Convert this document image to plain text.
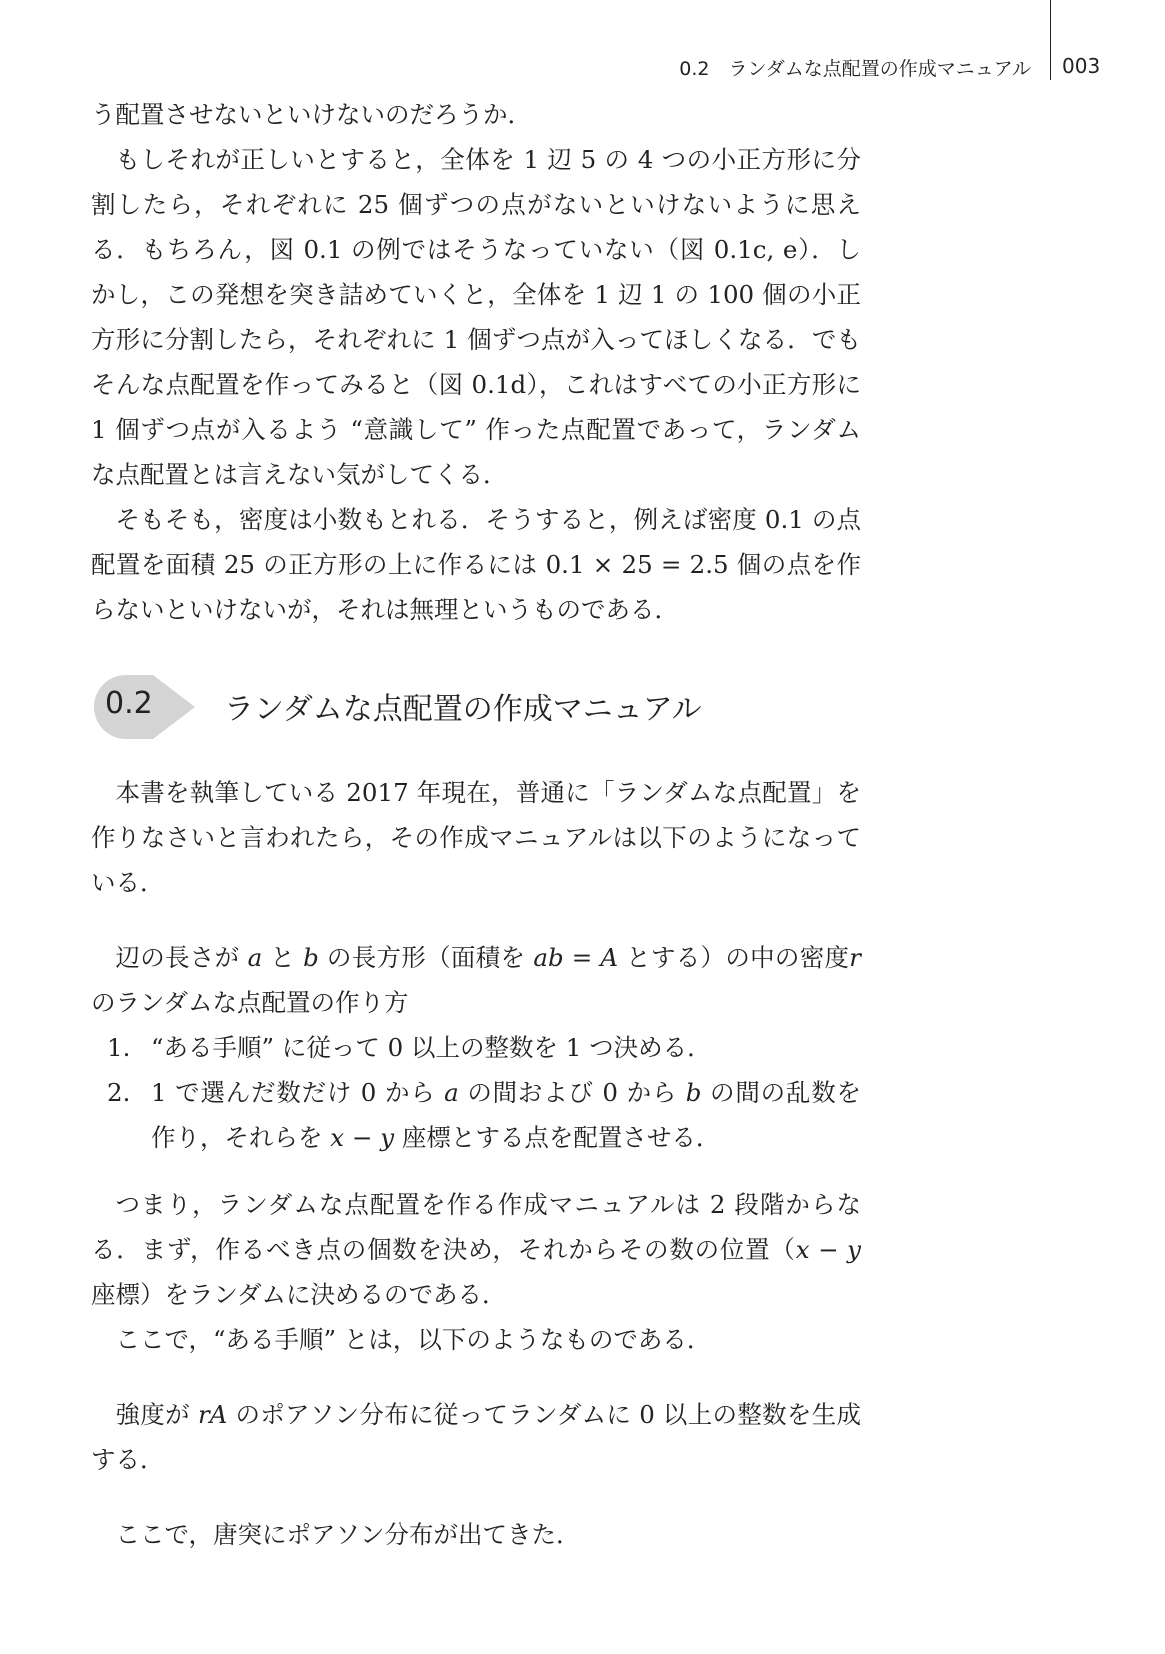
0.2　ランダムな点配置の作成マニュアル 003

う配置させないといけないのだろうか．

もしそれが正しいとすると，全体を 1 辺 5 の 4 つの小正方形に分割したら，それぞれに 25 個ずつの点がないといけないように思える．もちろん，図 0.1 の例ではそうなっていない（図 0.1c, e）．しかし，この発想を突き詰めていくと，全体を 1 辺 1 の 100 個の小正方形に分割したら，それぞれに 1 個ずつ点が入ってほしくなる．でもそんな点配置を作ってみると（図 0.1d），これはすべての小正方形に 1 個ずつ点が入るよう “意識して” 作った点配置であって，ランダムな点配置とは言えない気がしてくる．

そもそも，密度は小数もとれる．そうすると，例えば密度 0.1 の点配置を面積 25 の正方形の上に作るには 0.1 × 25 = 2.5 個の点を作らないといけないが，それは無理というものである．

0.2 ランダムな点配置の作成マニュアル

本書を執筆している 2017 年現在，普通に「ランダムな点配置」を作りなさいと言われたら，その作成マニュアルは以下のようになっている．

辺の長さが a と b の長方形（面積を ab = A とする）の中の密度r のランダムな点配置の作り方

1. “ある手順” に従って 0 以上の整数を 1 つ決める．
2. 1 で選んだ数だけ 0 から a の間および 0 から b の間の乱数を作り，それらを x − y 座標とする点を配置させる．

つまり，ランダムな点配置を作る作成マニュアルは 2 段階からなる．まず，作るべき点の個数を決め，それからその数の位置（x − y 座標）をランダムに決めるのである．

ここで，“ある手順” とは，以下のようなものである．

強度が rA のポアソン分布に従ってランダムに 0 以上の整数を生成する．

ここで，唐突にポアソン分布が出てきた．
